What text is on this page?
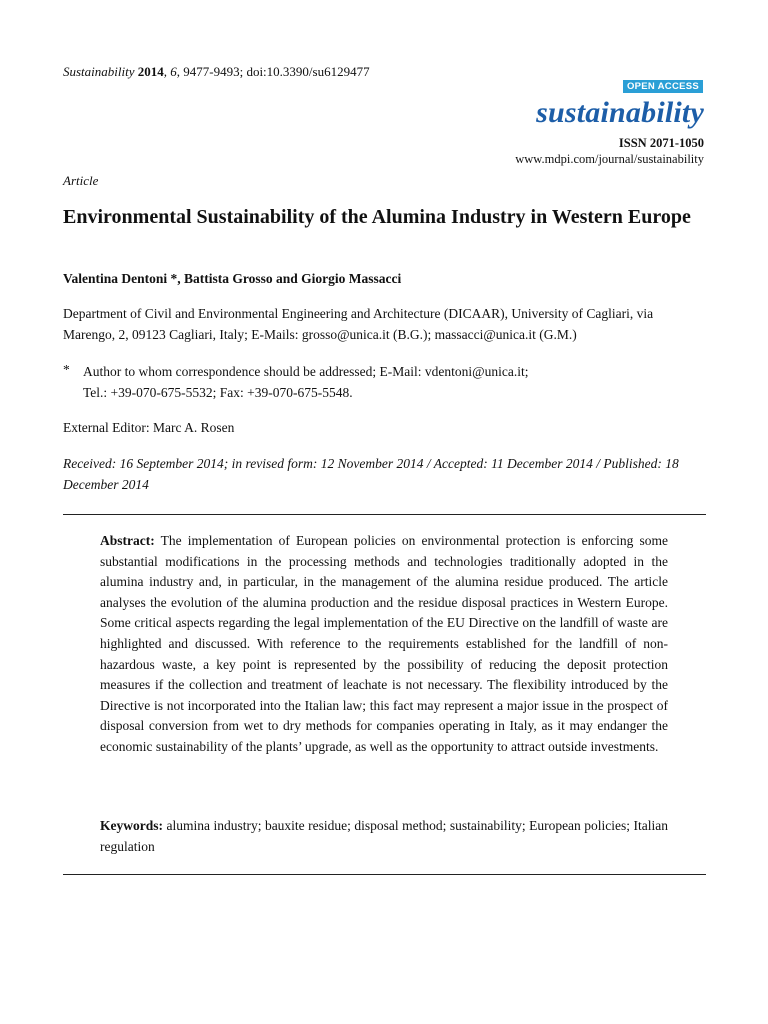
Sustainability 2014, 6, 9477-9493; doi:10.3390/su6129477
OPEN ACCESS
sustainability
ISSN 2071-1050
www.mdpi.com/journal/sustainability
Article
Environmental Sustainability of the Alumina Industry in Western Europe
Valentina Dentoni *, Battista Grosso and Giorgio Massacci
Department of Civil and Environmental Engineering and Architecture (DICAAR), University of Cagliari, via Marengo, 2, 09123 Cagliari, Italy; E-Mails: grosso@unica.it (B.G.); massacci@unica.it (G.M.)
* Author to whom correspondence should be addressed; E-Mail: vdentoni@unica.it;
Tel.: +39-070-675-5532; Fax: +39-070-675-5548.
External Editor: Marc A. Rosen
Received: 16 September 2014; in revised form: 12 November 2014 / Accepted: 11 December 2014 / Published: 18 December 2014
Abstract: The implementation of European policies on environmental protection is enforcing some substantial modifications in the processing methods and technologies traditionally adopted in the alumina industry and, in particular, in the management of the alumina residue produced. The article analyses the evolution of the alumina production and the residue disposal practices in Western Europe. Some critical aspects regarding the legal implementation of the EU Directive on the landfill of waste are highlighted and discussed. With reference to the requirements established for the landfill of non-hazardous waste, a key point is represented by the possibility of reducing the deposit protection measures if the collection and treatment of leachate is not necessary. The flexibility introduced by the Directive is not incorporated into the Italian law; this fact may represent a major issue in the prospect of disposal conversion from wet to dry methods for companies operating in Italy, as it may endanger the economic sustainability of the plants’ upgrade, as well as the opportunity to attract outside investments.
Keywords: alumina industry; bauxite residue; disposal method; sustainability; European policies; Italian regulation
